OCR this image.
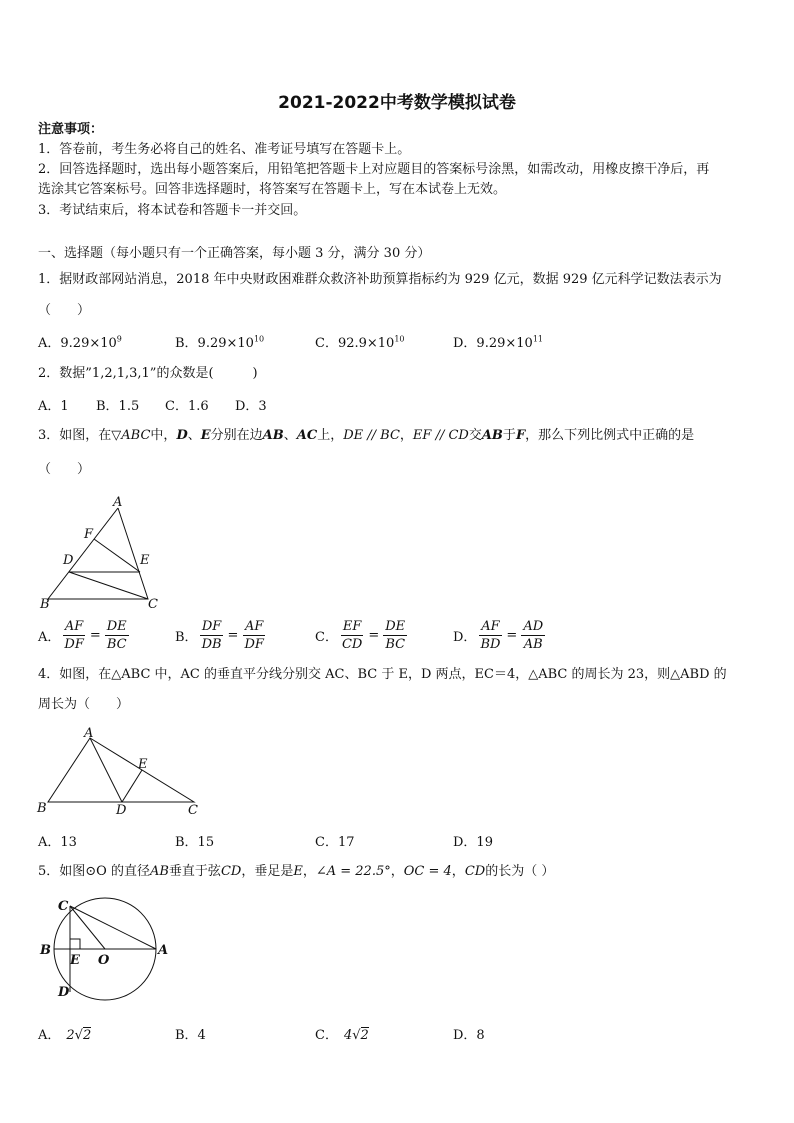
2021-2022中考数学模拟试卷
注意事项：
1．答卷前，考生务必将自己的姓名、准考证号填写在答题卡上。
2．回答选择题时，选出每小题答案后，用铅笔把答题卡上对应题目的答案标号涂黑，如需改动，用橡皮擦干净后，再
选涂其它答案标号。回答非选择题时，将答案写在答题卡上，写在本试卷上无效。
3．考试结束后，将本试卷和答题卡一并交回。
一、选择题（每小题只有一个正确答案，每小题 3 分，满分 30 分）
1．据财政部网站消息，2018 年中央财政困难群众救济补助预算指标约为 929 亿元，数据 929 亿元科学记数法表示为
（　　）
A．$9.29\times 10^9$	B．$9.29\times 10^{10}$	C．$92.9\times 10^{10}$	D．$9.29\times 10^{11}$
2．数据”1,2,1,3,1”的众数是(　　　)
A．1 B．1.5 C．1.6 D．3
3．如图，在▽ABC中，D、E分别在边AB、AC上，DE // BC，EF // CD交AB于F，那么下列比例式中正确的是
（　　）
A
B	C
D	E
F
A． $\frac{AF}{DF} = \frac{DE}{BC}$	B． $\frac{DF}{DB} = \frac{AF}{DF}$	C． $\frac{EF}{CD} = \frac{DE}{BC}$	D． $\frac{AF}{BD} = \frac{AD}{AB}$
4．如图，在△ABC 中，AC 的垂直平分线分别交 AC、BC 于 E，D 两点，EC＝4，△ABC 的周长为 23，则△ABD 的
周长为（　　）
A
B	C
D
E
A．13	B．15	C．17	D．19
5．如图⊙O 的直径AB垂直于弦CD，垂足是E，∠A = 22.5°，OC = 4，CD的长为（ ）
C
B	A
E O
D
A． 2√2	B．4	C． 4√2	D．8
